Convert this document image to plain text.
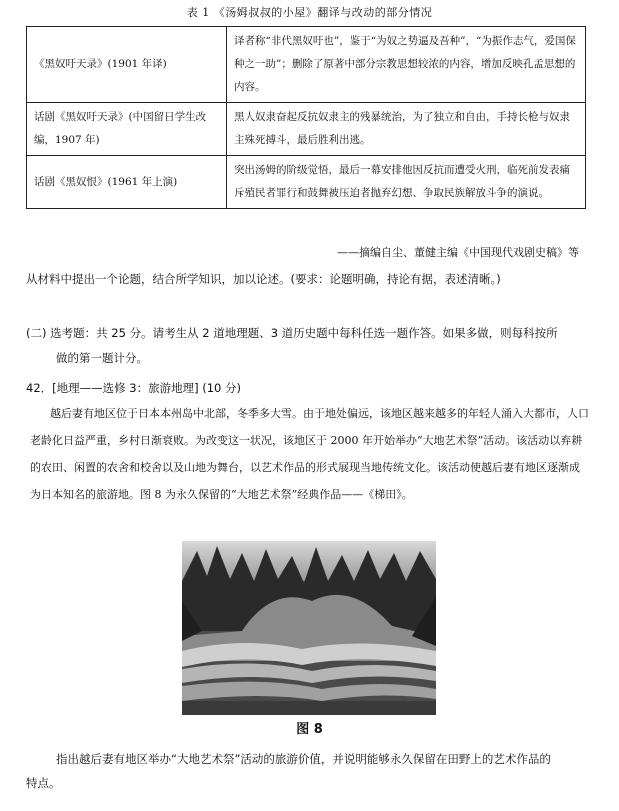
表 1 《汤姆叔叔的小屋》翻译与改动的部分情况
《黑奴吁天录》(1901 年译)	译者称“非代黑奴吁也”，鉴于“为奴之势逼及吾种”，“为振作志气，爱国保种之一助”；删除了原著中部分宗教思想较浓的内容，增加反映孔孟思想的内容。
话剧《黑奴吁天录》(中国留日学生改编，1907 年)	黑人奴隶奋起反抗奴隶主的残暴统治，为了独立和自由，手持长枪与奴隶主殊死搏斗，最后胜利出逃。
话剧《黑奴恨》(1961 年上演)	突出汤姆的阶级觉悟，最后一幕安排他因反抗而遭受火刑，临死前发表痛斥殖民者罪行和鼓舞被压迫者抛弃幻想、争取民族解放斗争的演说。
——摘编自尘、董健主编《中国现代戏剧史稿》等
从材料中提出一个论题，结合所学知识，加以论述。(要求：论题明确，持论有据，表述清晰。)
(二) 选考题：共 25 分。请考生从 2 道地理题、3 道历史题中每科任选一题作答。如果多做，则每科按所
做的第一题计分。
42．[地理——选修 3：旅游地理] (10 分)
越后妻有地区位于日本本州岛中北部，冬季多大雪。由于地处偏远，该地区越来越多的年轻人涌入大都市，人口老龄化日益严重，乡村日渐衰败。为改变这一状况，该地区于 2000 年开始举办“大地艺术祭”活动。该活动以弃耕的农田、闲置的农舍和校舍以及山地为舞台，以艺术作品的形式展现当地传统文化。该活动使越后妻有地区逐渐成为日本知名的旅游地。图 8 为永久保留的“大地艺术祭”经典作品——《梯田》。
图 8
指出越后妻有地区举办“大地艺术祭”活动的旅游价值，并说明能够永久保留在田野上的艺术作品的
特点。
